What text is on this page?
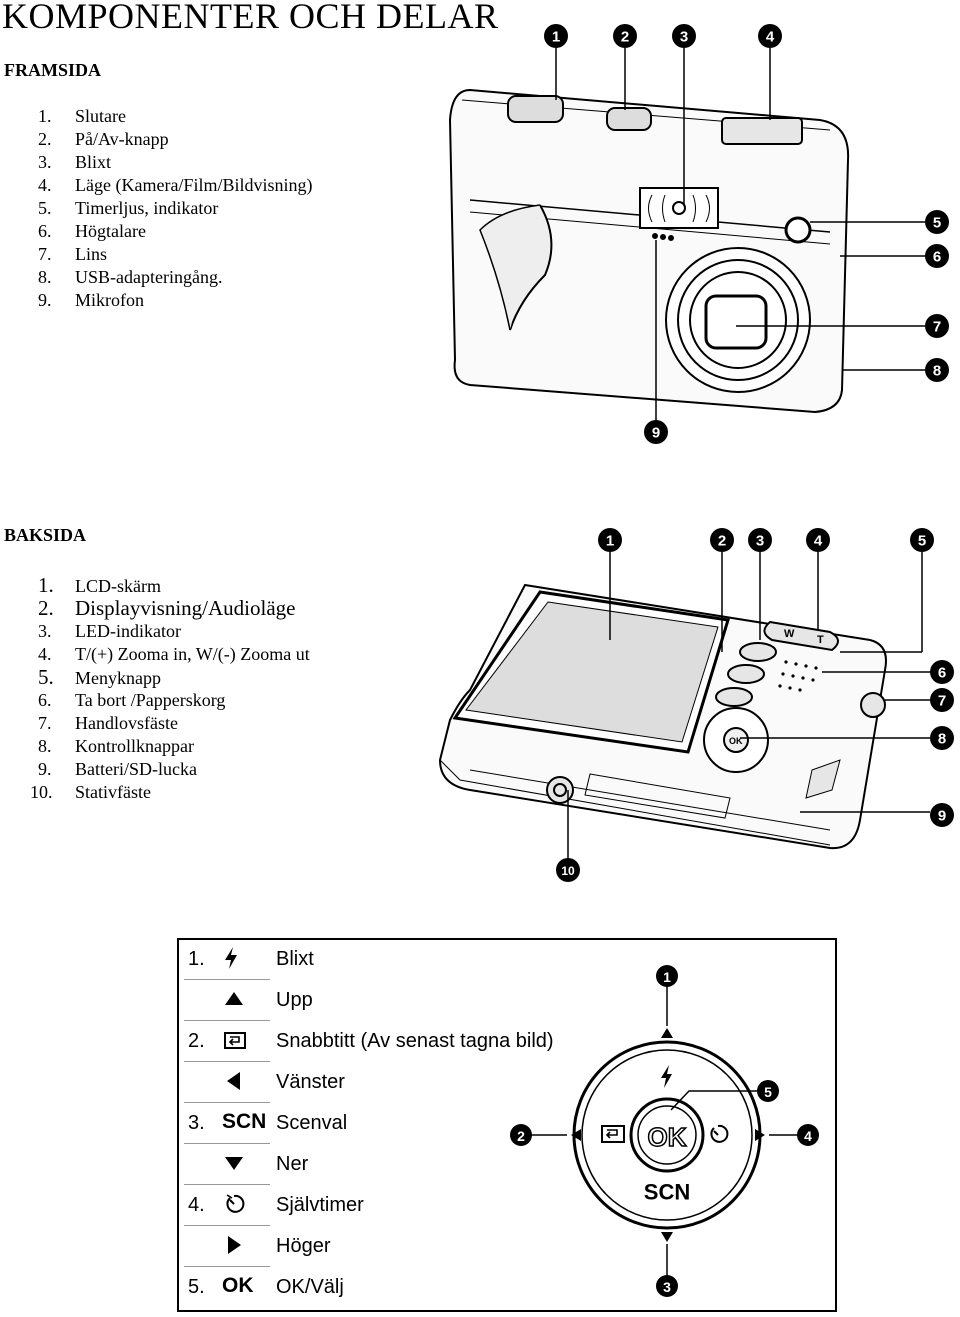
KOMPONENTER OCH DELAR
FRAMSIDA
1. Slutare
2. På/Av-knapp
3. Blixt
4. Läge (Kamera/Film/Bildvisning)
5. Timerljus, indikator
6. Högtalare
7. Lins
8. USB-adapteringång.
9. Mikrofon
1	2	3	4
5
6
7
8
9
BAKSIDA
1. LCD-skärm
2. Displayvisning/Audioläge
3. LED-indikator
4. T/(+) Zooma in, W/(-) Zooma ut
5. Menyknapp
6. Ta bort /Papperskorg
7. Handlovsfäste
8. Kontrollknappar
9. Batteri/SD-lucka
10. Stativfäste
W T
OK
1	2 3	4	5
6
7
8
9
10
1.	Blixt
Upp
2.	Snabbtitt (Av senast tagna bild)
Vänster
3. SCN Scenval
Ner
4.	Självtimer
Höger
5. OK	OK/Välj
OK
SCN
1
2
3
4
5
